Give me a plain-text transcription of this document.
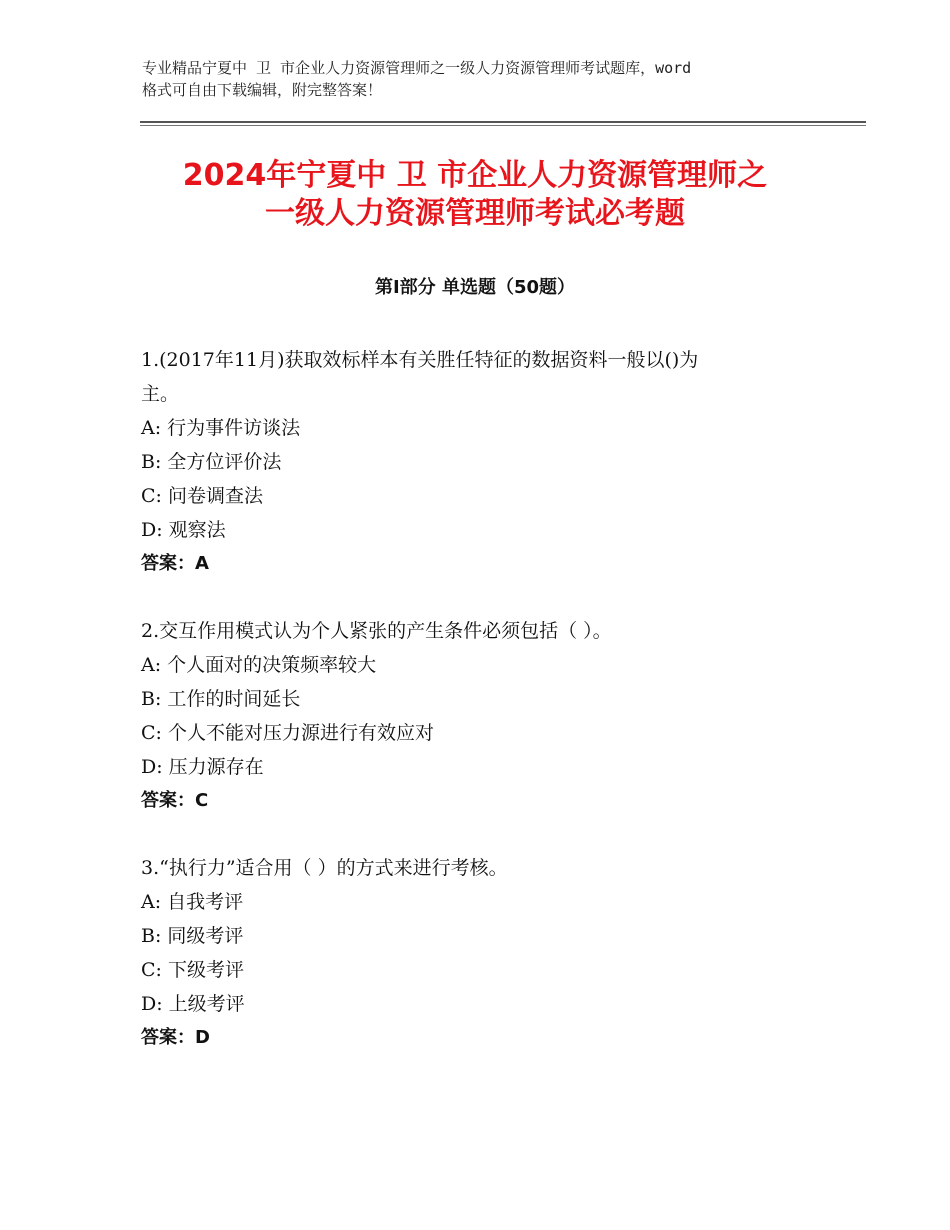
专业精品宁夏中 卫 市企业人力资源管理师之一级人力资源管理师考试题库，word
格式可自由下载编辑，附完整答案！

2024年宁夏中 卫 市企业人力资源管理师之
一级人力资源管理师考试必考题
第Ⅰ部分 单选题（50题）

1.(2017年11月)获取效标样本有关胜任特征的数据资料一般以()为
主。

A: 行为事件访谈法

B: 全方位评价法

C: 问卷调查法

D: 观察法

答案：A

2.交互作用模式认为个人紧张的产生条件必须包括（ ）。

A: 个人面对的决策频率较大

B: 工作的时间延长

C: 个人不能对压力源进行有效应对

D: 压力源存在

答案：C

3.“执行力”适合用（ ）的方式来进行考核。

A: 自我考评

B: 同级考评

C: 下级考评

D: 上级考评

答案：D
